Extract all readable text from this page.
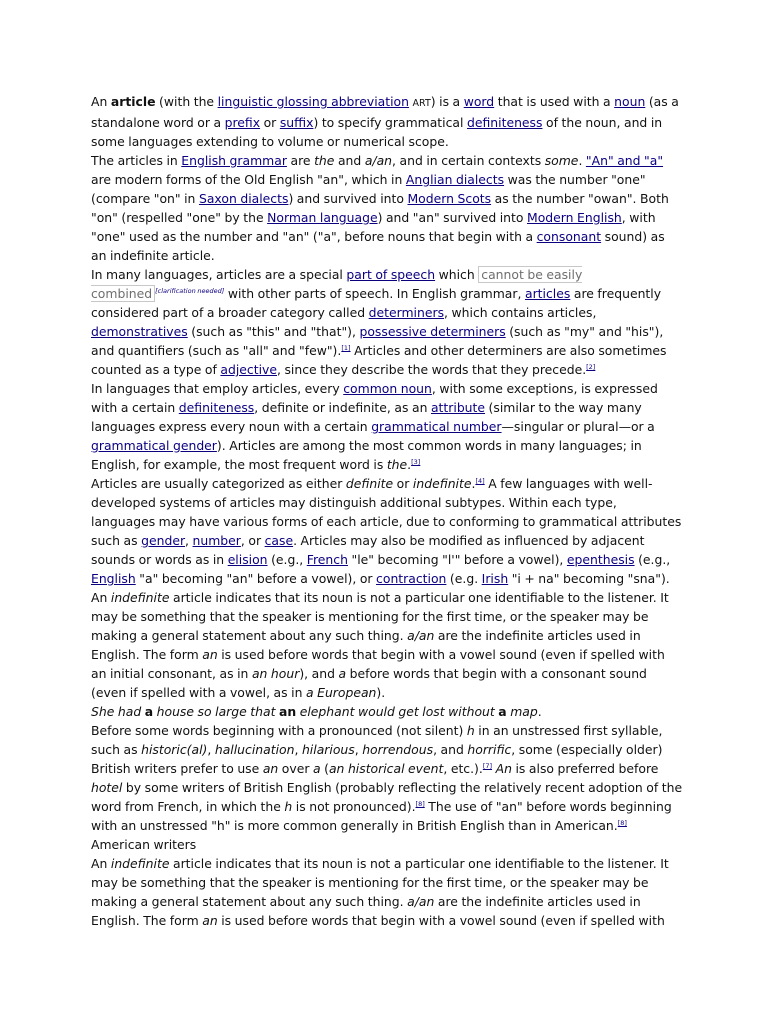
An article (with the linguistic glossing abbreviation ART) is a word that is used with a noun (as a standalone word or a prefix or suffix) to specify grammatical definiteness of the noun, and in some languages extending to volume or numerical scope.

The articles in English grammar are the and a/an, and in certain contexts some. "An" and "a" are modern forms of the Old English "an", which in Anglian dialects was the number "one" (compare "on" in Saxon dialects) and survived into Modern Scots as the number "owan". Both "on" (respelled "one" by the Norman language) and "an" survived into Modern English, with "one" used as the number and "an" ("a", before nouns that begin with a consonant sound) as an indefinite article.

In many languages, articles are a special part of speech which cannot be easily combined [clarification needed] with other parts of speech. In English grammar, articles are frequently considered part of a broader category called determiners, which contains articles, demonstratives (such as "this" and "that"), possessive determiners (such as "my" and "his"), and quantifiers (such as "all" and "few").[1] Articles and other determiners are also sometimes counted as a type of adjective, since they describe the words that they precede.[2]

In languages that employ articles, every common noun, with some exceptions, is expressed with a certain definiteness, definite or indefinite, as an attribute (similar to the way many languages express every noun with a certain grammatical number—singular or plural—or a grammatical gender). Articles are among the most common words in many languages; in English, for example, the most frequent word is the.[3]

Articles are usually categorized as either definite or indefinite.[4] A few languages with well-developed systems of articles may distinguish additional subtypes. Within each type, languages may have various forms of each article, due to conforming to grammatical attributes such as gender, number, or case. Articles may also be modified as influenced by adjacent sounds or words as in elision (e.g., French "le" becoming "l'" before a vowel), epenthesis (e.g., English "a" becoming "an" before a vowel), or contraction (e.g. Irish "i + na" becoming "sna").

An indefinite article indicates that its noun is not a particular one identifiable to the listener. It may be something that the speaker is mentioning for the first time, or the speaker may be making a general statement about any such thing. a/an are the indefinite articles used in English. The form an is used before words that begin with a vowel sound (even if spelled with an initial consonant, as in an hour), and a before words that begin with a consonant sound (even if spelled with a vowel, as in a European).

She had a house so large that an elephant would get lost without a map.

Before some words beginning with a pronounced (not silent) h in an unstressed first syllable, such as historic(al), hallucination, hilarious, horrendous, and horrific, some (especially older) British writers prefer to use an over a (an historical event, etc.).[7] An is also preferred before hotel by some writers of British English (probably reflecting the relatively recent adoption of the word from French, in which the h is not pronounced).[8] The use of "an" before words beginning with an unstressed "h" is more common generally in British English than in American.[8] American writers

An indefinite article indicates that its noun is not a particular one identifiable to the listener. It may be something that the speaker is mentioning for the first time, or the speaker may be making a general statement about any such thing. a/an are the indefinite articles used in English. The form an is used before words that begin with a vowel sound (even if spelled with
